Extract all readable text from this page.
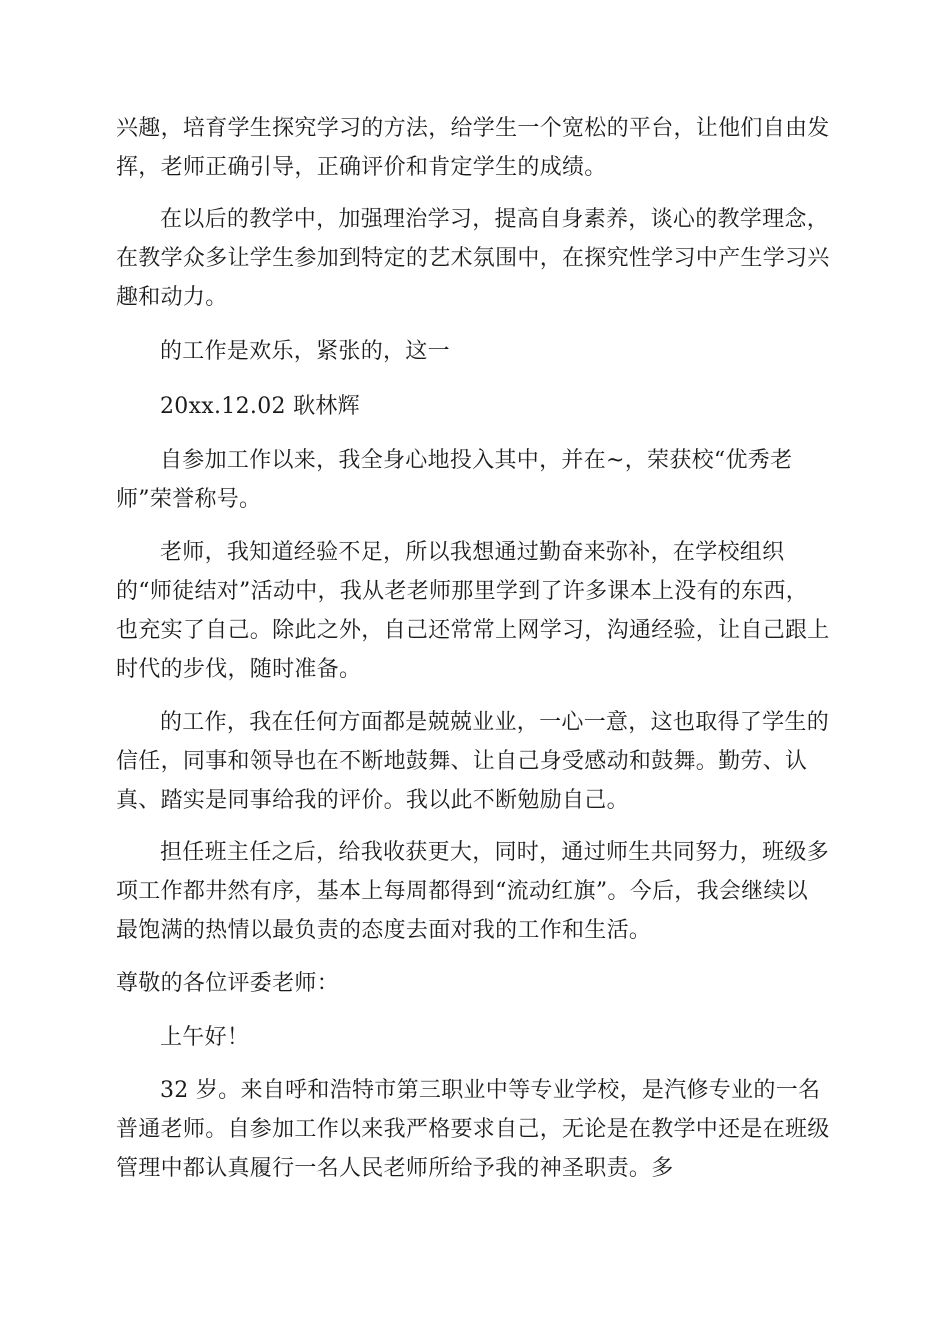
兴趣，培育学生探究学习的方法，给学生一个宽松的平台，让他们自由发
挥，老师正确引导，正确评价和肯定学生的成绩。
在以后的教学中，加强理治学习，提高自身素养，谈心的教学理念，
在教学众多让学生参加到特定的艺术氛围中，在探究性学习中产生学习兴
趣和动力。
的工作是欢乐，紧张的，这一
20xx.12.02 耿林辉
自参加工作以来，我全身心地投入其中，并在~，荣获校“优秀老
师”荣誉称号。
老师，我知道经验不足，所以我想通过勤奋来弥补，在学校组织
的“师徒结对”活动中，我从老老师那里学到了许多课本上没有的东西，
也充实了自己。除此之外，自己还常常上网学习，沟通经验，让自己跟上
时代的步伐，随时准备。
的工作，我在任何方面都是兢兢业业，一心一意，这也取得了学生的
信任，同事和领导也在不断地鼓舞、让自己身受感动和鼓舞。勤劳、认
真、踏实是同事给我的评价。我以此不断勉励自己。
担任班主任之后，给我收获更大，同时，通过师生共同努力，班级多
项工作都井然有序，基本上每周都得到“流动红旗”。今后，我会继续以
最饱满的热情以最负责的态度去面对我的工作和生活。
尊敬的各位评委老师：
上午好！
32 岁。来自呼和浩特市第三职业中等专业学校，是汽修专业的一名
普通老师。自参加工作以来我严格要求自己，无论是在教学中还是在班级
管理中都认真履行一名人民老师所给予我的神圣职责。多
